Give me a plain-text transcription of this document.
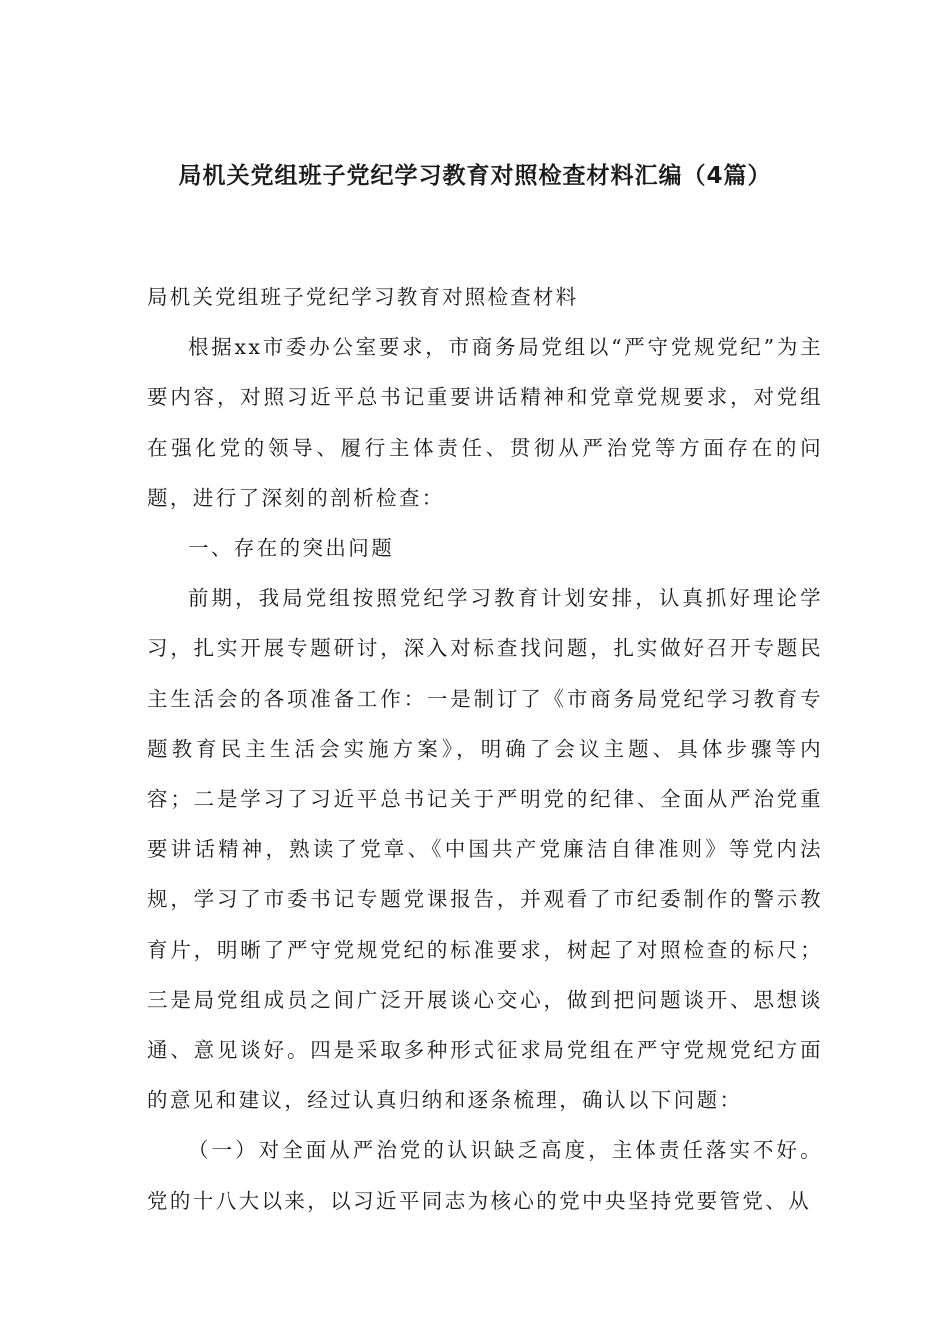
局机关党组班子党纪学习教育对照检查材料汇编（4篇）

局机关党组班子党纪学习教育对照检查材料

根据xx市委办公室要求，市商务局党组以“严守党规党纪”为主要内容，对照习近平总书记重要讲话精神和党章党规要求，对党组在强化党的领导、履行主体责任、贯彻从严治党等方面存在的问题，进行了深刻的剖析检查：

一、存在的突出问题

前期，我局党组按照党纪学习教育计划安排，认真抓好理论学习，扎实开展专题研讨，深入对标查找问题，扎实做好召开专题民主生活会的各项准备工作：一是制订了《市商务局党纪学习教育专题教育民主生活会实施方案》，明确了会议主题、具体步骤等内容；二是学习了习近平总书记关于严明党的纪律、全面从严治党重要讲话精神，熟读了党章、《中国共产党廉洁自律准则》等党内法规，学习了市委书记专题党课报告，并观看了市纪委制作的警示教育片，明晰了严守党规党纪的标准要求，树起了对照检查的标尺；三是局党组成员之间广泛开展谈心交心，做到把问题谈开、思想谈通、意见谈好。四是采取多种形式征求局党组在严守党规党纪方面的意见和建议，经过认真归纳和逐条梳理，确认以下问题：

（一）对全面从严治党的认识缺乏高度，主体责任落实不好。党的十八大以来，以习近平同志为核心的党中央坚持党要管党、从
